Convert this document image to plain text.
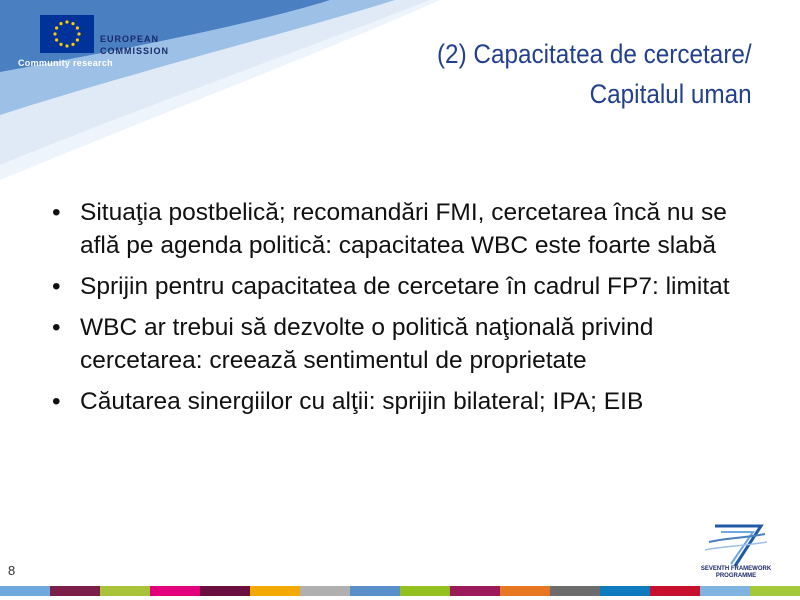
EUROPEAN
COMMISSION
Community research	(2) Capacitatea de cercetare/
Capitalul uman
• Situaţia postbelică; recomandări FMI, cercetarea încă nu se află pe agenda politică: capacitatea WBC este foarte slabă
• Sprijin pentru capacitatea de cercetare în cadrul FP7: limitat
• WBC ar trebui să dezvolte o politică naţională privind cercetarea: creează sentimentul de proprietate
• Căutarea sinergiilor cu alţii: sprijin bilateral; IPA; EIB
8	SEVENTH FRAMEWORK
PROGRAMME
